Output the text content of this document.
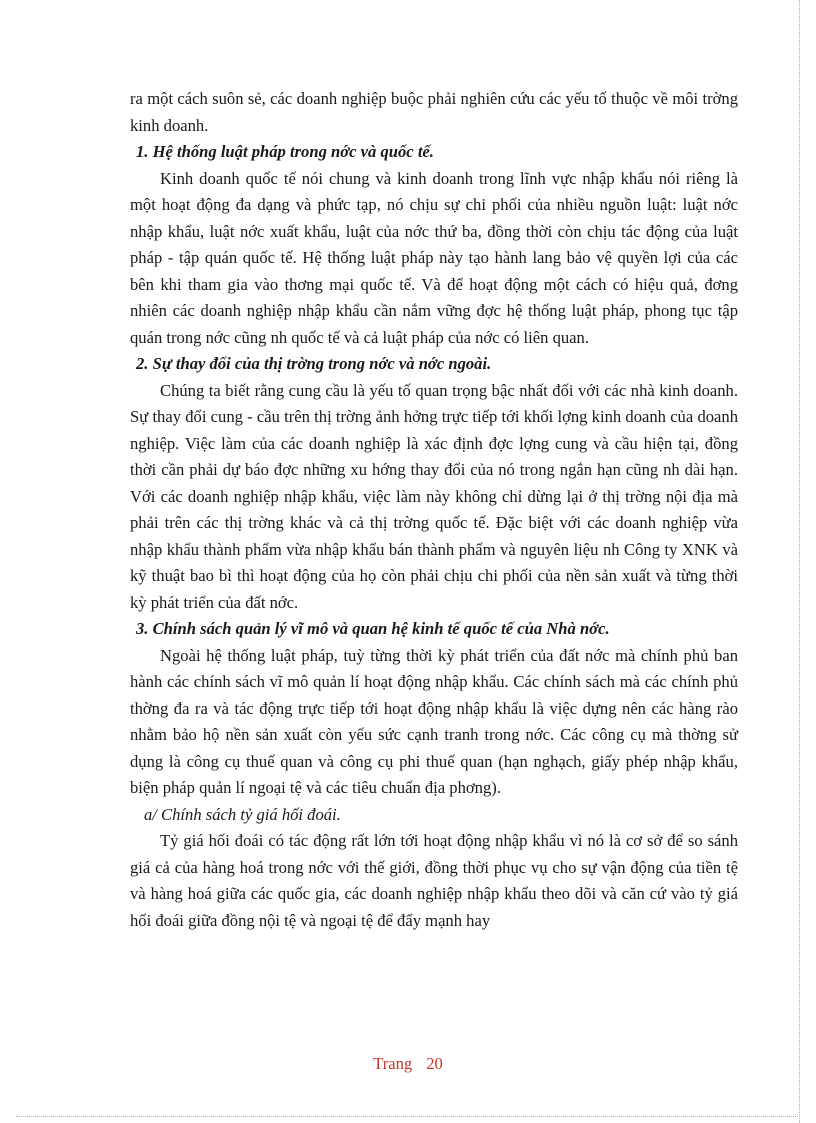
ra một cách suôn sẻ, các doanh nghiệp buộc phải nghiên cứu các yếu tố thuộc về môi trờng kinh doanh.

1. Hệ thống luật pháp trong nớc và quốc tế.

Kinh doanh quốc tế nói chung và kinh doanh trong lĩnh vực nhập khẩu nói riêng là một hoạt động đa dạng và phức tạp, nó chịu sự chi phối của nhiều nguồn luật: luật nớc nhập khẩu, luật nớc xuất khẩu, luật của nớc thứ ba, đồng thời còn chịu tác động của luật pháp - tập quán quốc tế. Hệ thống luật pháp này tạo hành lang bảo vệ quyền lợi của các bên khi tham gia vào thơng mại quốc tế. Và để hoạt động một cách có hiệu quả, đơng nhiên các doanh nghiệp nhập khẩu cần nắm vững đợc hệ thống luật pháp, phong tục tập quán trong nớc cũng nh quốc tế và cả luật pháp của nớc có liên quan.

2. Sự thay đổi của thị trờng trong nớc và nớc ngoài.

Chúng ta biết rằng cung cầu là yếu tố quan trọng bậc nhất đối với các nhà kinh doanh. Sự thay đổi cung - cầu trên thị trờng ảnh hởng trực tiếp tới khối lợng kinh doanh của doanh nghiệp. Việc làm của các doanh nghiệp là xác định đợc lợng cung và cầu hiện tại, đồng thời cần phải dự báo đợc những xu hớng thay đổi của nó trong ngắn hạn cũng nh dài hạn. Với các doanh nghiệp nhập khẩu, việc làm này không chỉ dừng lại ở thị trờng nội địa mà phải trên các thị trờng khác và cả thị trờng quốc tế. Đặc biệt với các doanh nghiệp vừa nhập khẩu thành phẩm vừa nhập khẩu bán thành phẩm và nguyên liệu nh Công ty XNK và kỹ thuật bao bì thì hoạt động của họ còn phải chịu chi phối của nền sản xuất và từng thời kỳ phát triển của đất nớc.

3. Chính sách quản lý vĩ mô và quan hệ kinh tế quốc tế của Nhà nớc.

Ngoài hệ thống luật pháp, tuỳ từng thời kỳ phát triển của đất nớc mà chính phủ ban hành các chính sách vĩ mô quản lí hoạt động nhập khẩu. Các chính sách mà các chính phủ thờng đa ra và tác động trực tiếp tới hoạt động nhập khẩu là việc dựng nên các hàng rào nhằm bảo hộ nền sản xuất còn yếu sức cạnh tranh trong nớc. Các công cụ mà thờng sử dụng là công cụ thuế quan và công cụ phi thuế quan (hạn nghạch, giấy phép nhập khẩu, biện pháp quản lí ngoại tệ và các tiêu chuẩn địa phơng).

a/ Chính sách tỷ giá hối đoái.

Tỷ giá hối đoái có tác động rất lớn tới hoạt động nhập khẩu vì nó là cơ sở để so sánh giá cả của hàng hoá trong nớc với thế giới, đồng thời phục vụ cho sự vận động của tiền tệ và hàng hoá giữa các quốc gia, các doanh nghiệp nhập khẩu theo dõi và căn cứ vào tỷ giá hối đoái giữa đồng nội tệ và ngoại tệ để đẩy mạnh hay

Trang 20
